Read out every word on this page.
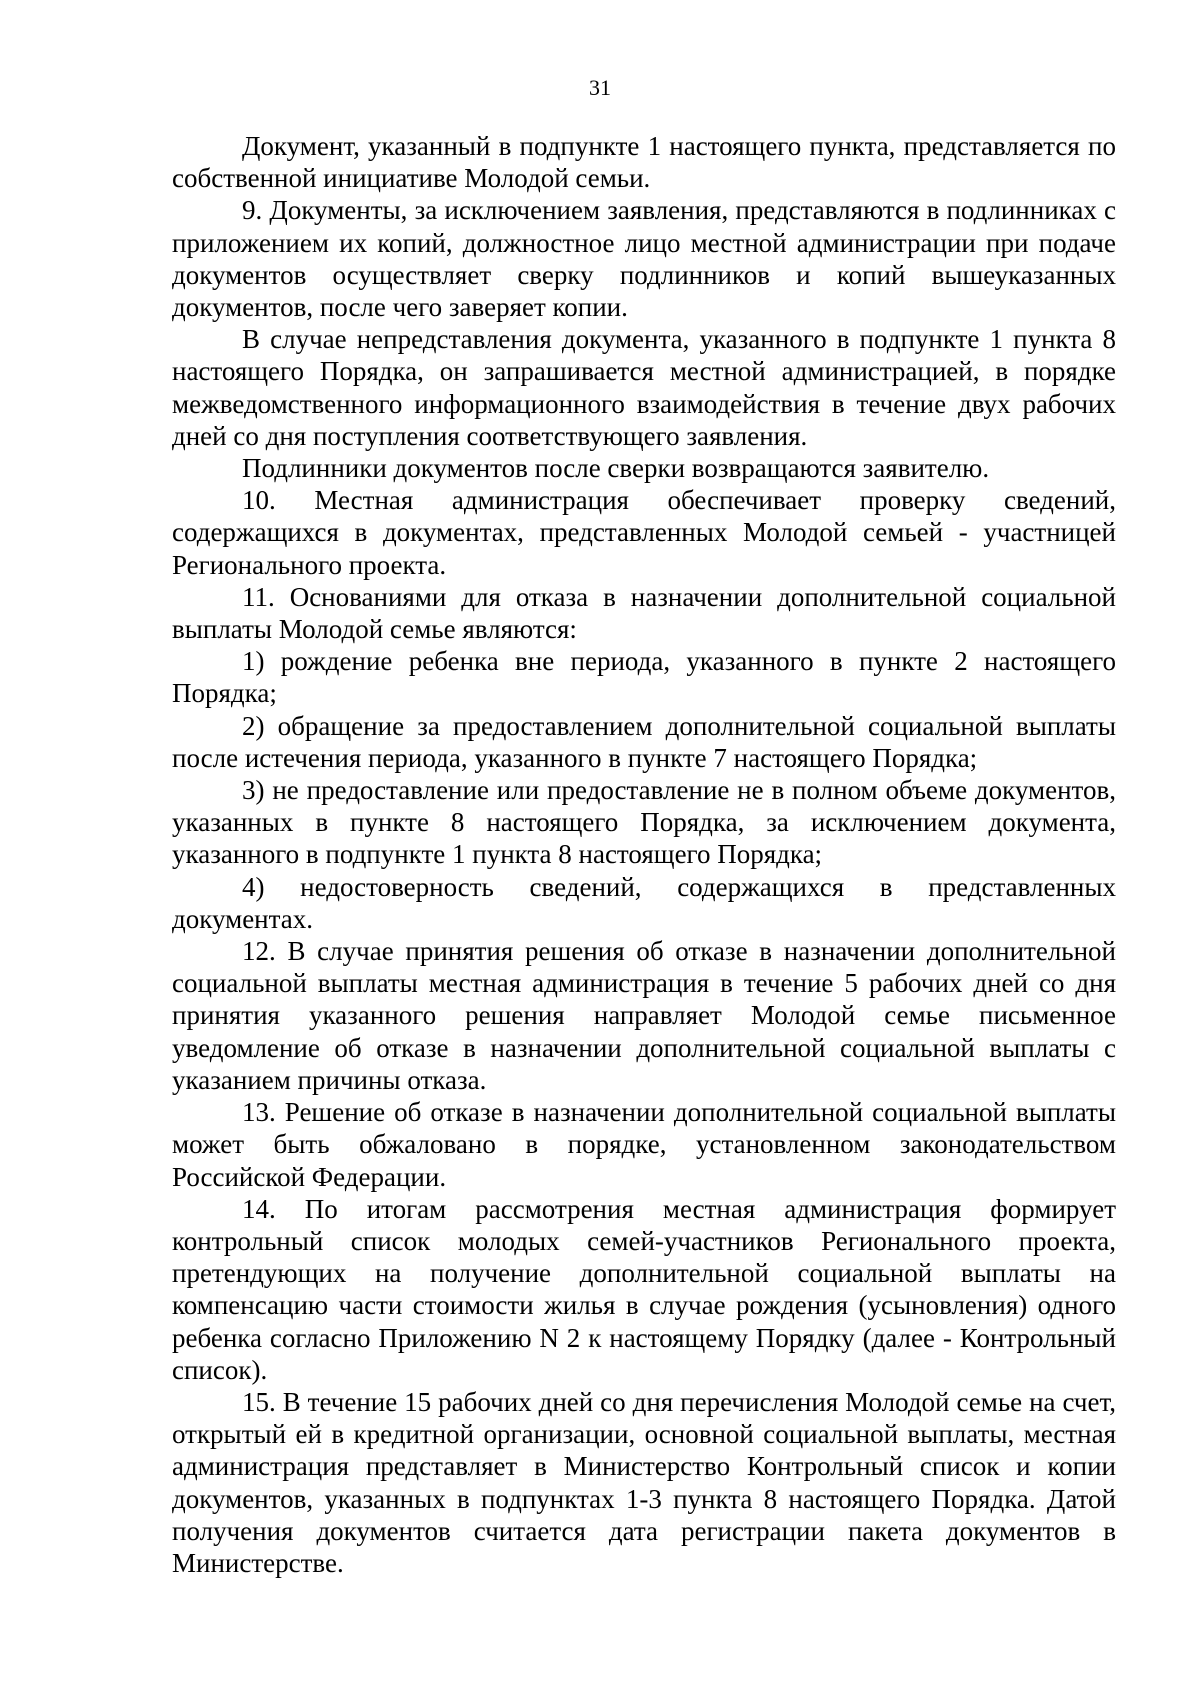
31

Документ, указанный в подпункте 1 настоящего пункта, представляется по собственной инициативе Молодой семьи.

9. Документы, за исключением заявления, представляются в подлинниках с приложением их копий, должностное лицо местной администрации при подаче документов осуществляет сверку подлинников и копий вышеуказанных документов, после чего заверяет копии.

В случае непредставления документа, указанного в подпункте 1 пункта 8 настоящего Порядка, он запрашивается местной администрацией, в порядке межведомственного информационного взаимодействия в течение двух рабочих дней со дня поступления соответствующего заявления.

Подлинники документов после сверки возвращаются заявителю.

10. Местная администрация обеспечивает проверку сведений, содержащихся в документах, представленных Молодой семьей - участницей Регионального проекта.

11. Основаниями для отказа в назначении дополнительной социальной выплаты Молодой семье являются:

1) рождение ребенка вне периода, указанного в пункте 2 настоящего Порядка;

2) обращение за предоставлением дополнительной социальной выплаты после истечения периода, указанного в пункте 7 настоящего Порядка;

3) не предоставление или предоставление не в полном объеме документов, указанных в пункте 8 настоящего Порядка, за исключением документа, указанного в подпункте 1 пункта 8 настоящего Порядка;

4) недостоверность сведений, содержащихся в представленных документах.

12. В случае принятия решения об отказе в назначении дополнительной социальной выплаты местная администрация в течение 5 рабочих дней со дня принятия указанного решения направляет Молодой семье письменное уведомление об отказе в назначении дополнительной социальной выплаты с указанием причины отказа.

13. Решение об отказе в назначении дополнительной социальной выплаты может быть обжаловано в порядке, установленном законодательством Российской Федерации.

14. По итогам рассмотрения местная администрация формирует контрольный список молодых семей-участников Регионального проекта, претендующих на получение дополнительной социальной выплаты на компенсацию части стоимости жилья в случае рождения (усыновления) одного ребенка согласно Приложению N 2 к настоящему Порядку (далее - Контрольный список).

15. В течение 15 рабочих дней со дня перечисления Молодой семье на счет, открытый ей в кредитной организации, основной социальной выплаты, местная администрация представляет в Министерство Контрольный список и копии документов, указанных в подпунктах 1-3 пункта 8 настоящего Порядка. Датой получения документов считается дата регистрации пакета документов в Министерстве.
